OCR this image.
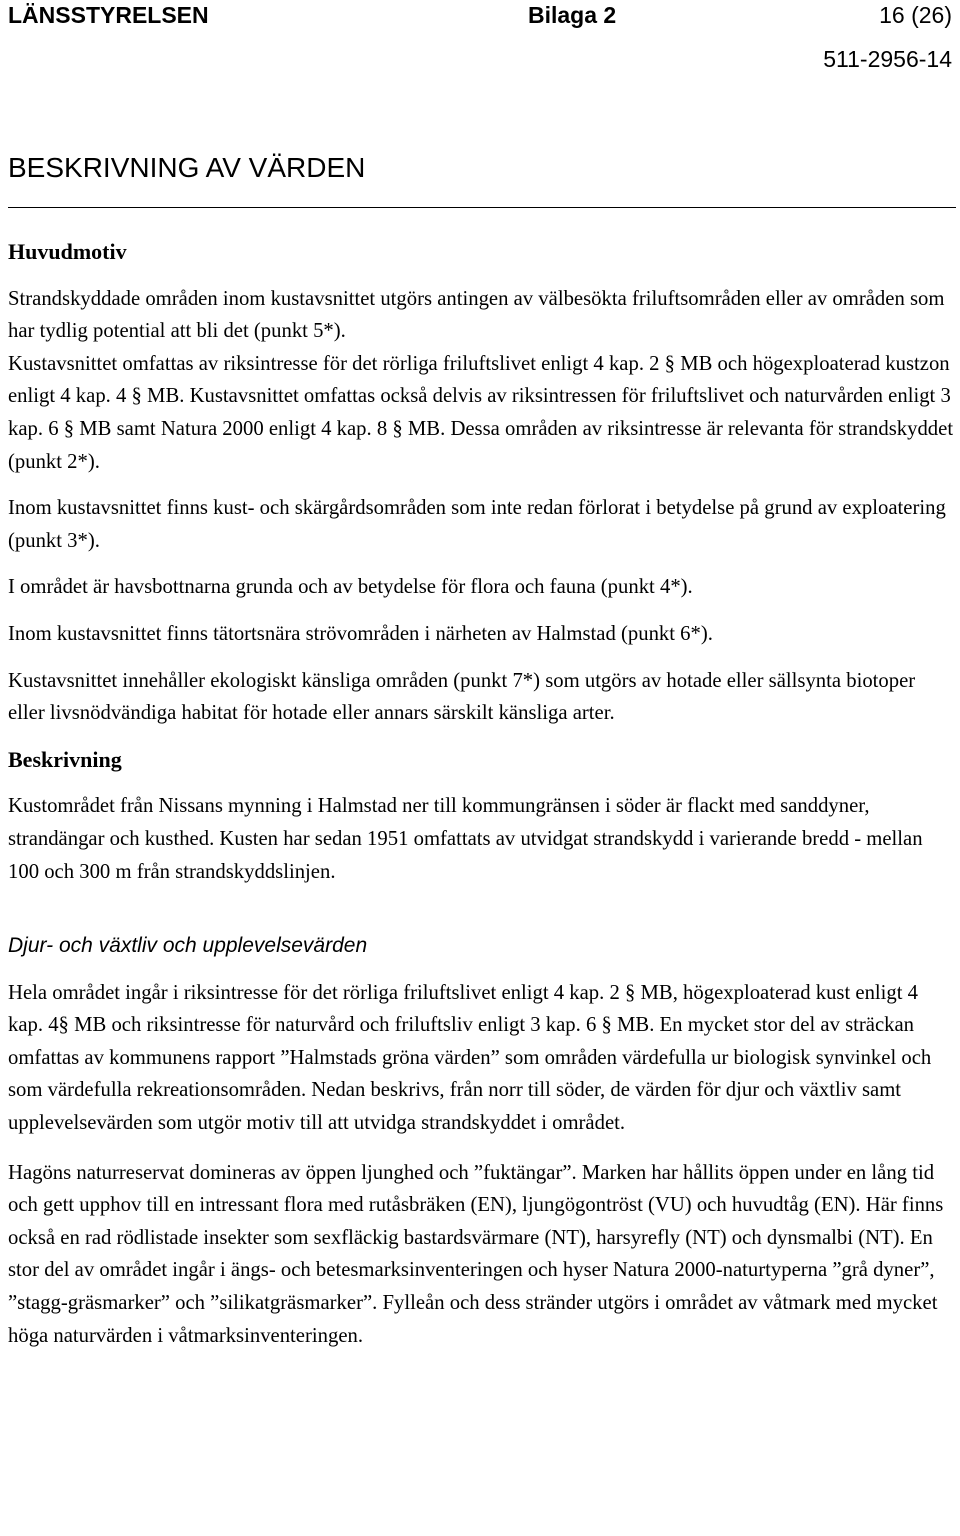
LÄNSSTYRELSEN	Bilaga 2	16 (26)
511-2956-14
BESKRIVNING AV VÄRDEN
Huvudmotiv

Strandskyddade områden inom kustavsnittet utgörs antingen av välbesökta friluftsområden eller av områden som har tydlig potential att bli det (punkt 5*).

Kustavsnittet omfattas av riksintresse för det rörliga friluftslivet enligt 4 kap. 2 § MB och högexploaterad kustzon enligt 4 kap. 4 § MB. Kustavsnittet omfattas också delvis av riksintressen för friluftslivet och naturvården enligt 3 kap. 6 § MB samt Natura 2000 enligt 4 kap. 8 § MB. Dessa områden av riksintresse är relevanta för strandskyddet (punkt 2*).

Inom kustavsnittet finns kust- och skärgårdsområden som inte redan förlorat i betydelse på grund av exploatering (punkt 3*).

I området är havsbottnarna grunda och av betydelse för flora och fauna (punkt 4*).

Inom kustavsnittet finns tätortsnära strövområden i närheten av Halmstad (punkt 6*).

Kustavsnittet innehåller ekologiskt känsliga områden (punkt 7*) som utgörs av hotade eller sällsynta biotoper eller livsnödvändiga habitat för hotade eller annars särskilt känsliga arter.

Beskrivning

Kustområdet från Nissans mynning i Halmstad ner till kommungränsen i söder är flackt med sanddyner, strandängar och kusthed. Kusten har sedan 1951 omfattats av utvidgat strandskydd i varierande bredd - mellan 100 och 300 m från strandskyddslinjen.

Djur- och växtliv och upplevelsevärden

Hela området ingår i riksintresse för det rörliga friluftslivet enligt 4 kap. 2 § MB, högexploaterad kust enligt 4 kap. 4§ MB och riksintresse för naturvård och friluftsliv enligt 3 kap. 6 § MB. En mycket stor del av sträckan omfattas av kommunens rapport ”Halmstads gröna värden” som områden värdefulla ur biologisk synvinkel och som värdefulla rekreationsområden. Nedan beskrivs, från norr till söder, de värden för djur och växtliv samt upplevelsevärden som utgör motiv till att utvidga strandskyddet i området.

Hagöns naturreservat domineras av öppen ljunghed och ”fuktängar”. Marken har hållits öppen under en lång tid och gett upphov till en intressant flora med rutåsbräken (EN), ljungögontröst (VU) och huvudtåg (EN). Här finns också en rad rödlistade insekter som sexfläckig bastardsvärmare (NT), harsyrefly (NT) och dynsmalbi (NT). En stor del av området ingår i ängs- och betesmarksinventeringen och hyser Natura 2000-naturtyperna ”grå dyner”, ”stagg-gräsmarker” och ”silikatgräsmarker”. Fylleån och dess stränder utgörs i området av våtmark med mycket höga naturvärden i våtmarksinventeringen.
